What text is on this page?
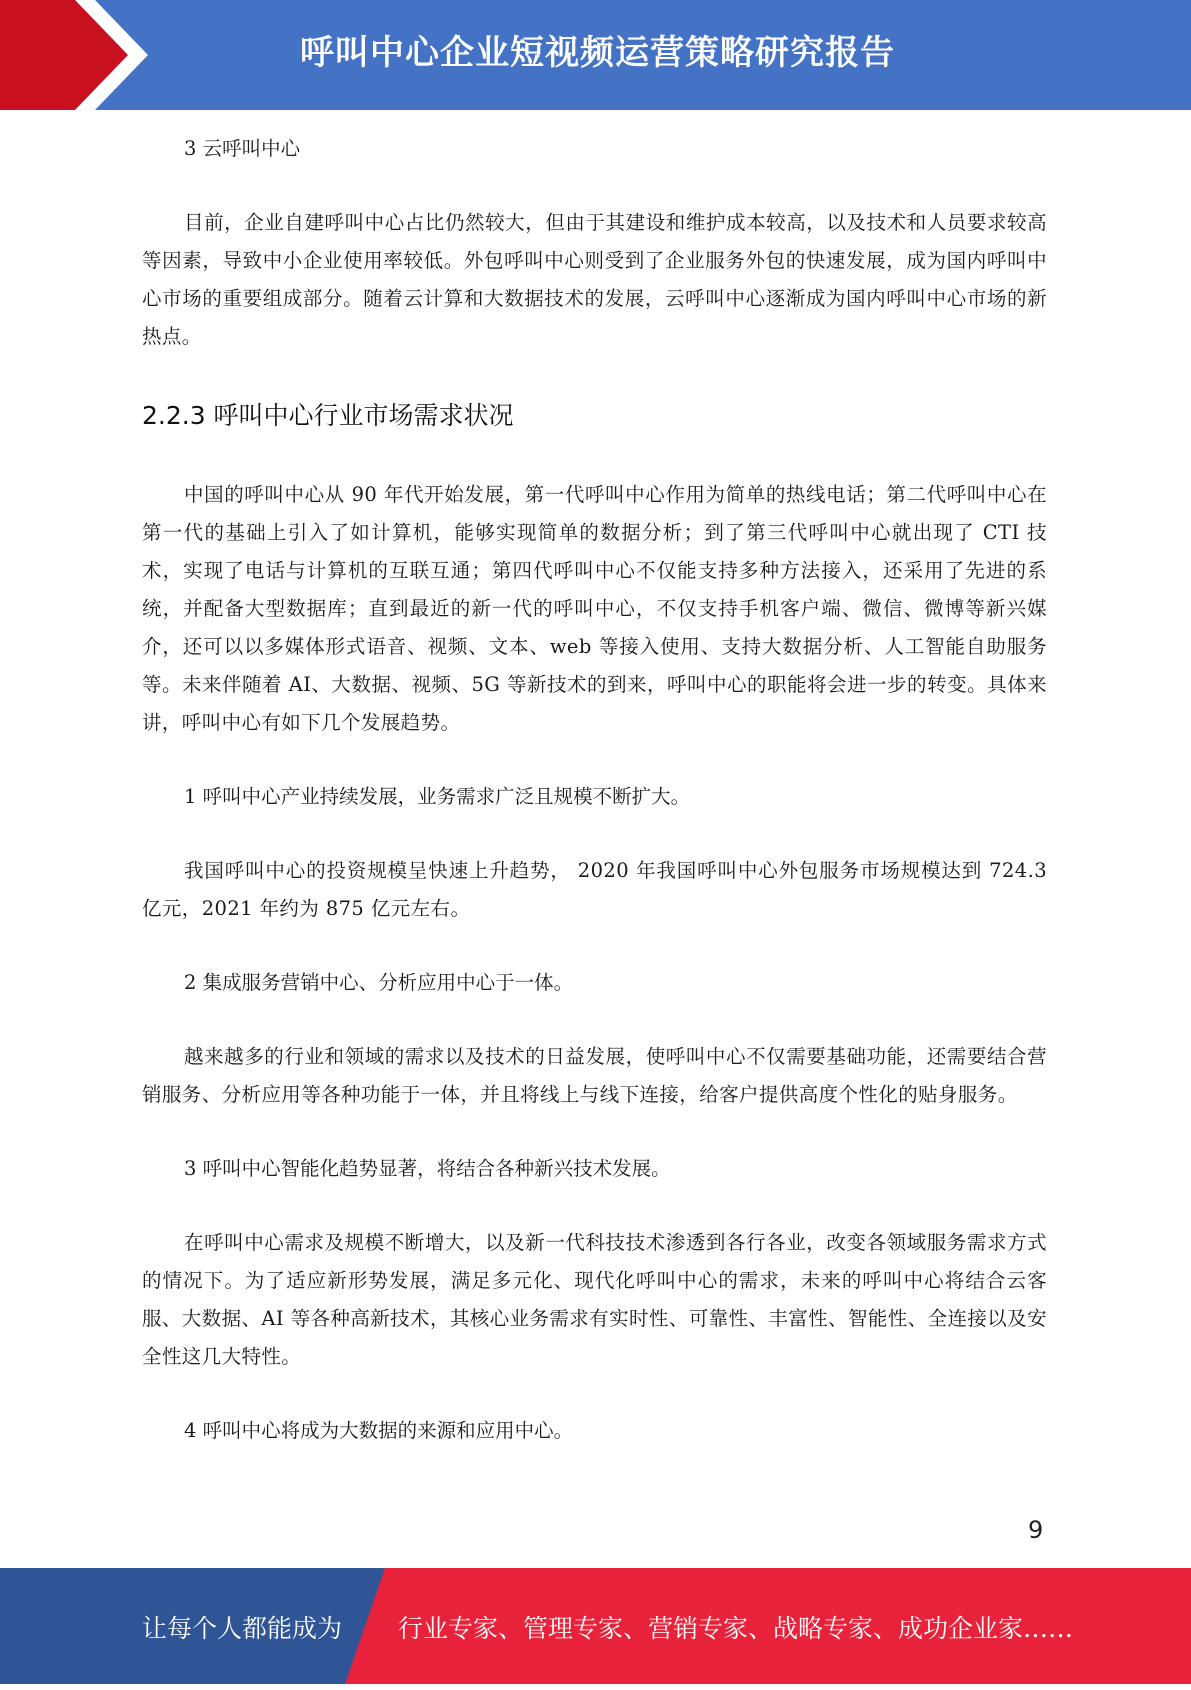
呼叫中心企业短视频运营策略研究报告

3 云呼叫中心

目前，企业自建呼叫中心占比仍然较大，但由于其建设和维护成本较高，以及技术和人员要求较高等因素，导致中小企业使用率较低。外包呼叫中心则受到了企业服务外包的快速发展，成为国内呼叫中心市场的重要组成部分。随着云计算和大数据技术的发展，云呼叫中心逐渐成为国内呼叫中心市场的新热点。

2.2.3 呼叫中心行业市场需求状况

中国的呼叫中心从 90 年代开始发展，第一代呼叫中心作用为简单的热线电话；第二代呼叫中心在第一代的基础上引入了如计算机，能够实现简单的数据分析；到了第三代呼叫中心就出现了 CTI 技术，实现了电话与计算机的互联互通；第四代呼叫中心不仅能支持多种方法接入，还采用了先进的系统，并配备大型数据库；直到最近的新一代的呼叫中心，不仅支持手机客户端、微信、微博等新兴媒介，还可以以多媒体形式语音、视频、文本、web 等接入使用、支持大数据分析、人工智能自助服务等。未来伴随着 AI、大数据、视频、5G 等新技术的到来，呼叫中心的职能将会进一步的转变。具体来讲，呼叫中心有如下几个发展趋势。

1 呼叫中心产业持续发展，业务需求广泛且规模不断扩大。

我国呼叫中心的投资规模呈快速上升趋势， 2020 年我国呼叫中心外包服务市场规模达到 724.3 亿元，2021 年约为 875 亿元左右。

2 集成服务营销中心、分析应用中心于一体。

越来越多的行业和领域的需求以及技术的日益发展，使呼叫中心不仅需要基础功能，还需要结合营销服务、分析应用等各种功能于一体，并且将线上与线下连接，给客户提供高度个性化的贴身服务。

3 呼叫中心智能化趋势显著，将结合各种新兴技术发展。

在呼叫中心需求及规模不断增大，以及新一代科技技术渗透到各行各业，改变各领域服务需求方式的情况下。为了适应新形势发展，满足多元化、现代化呼叫中心的需求，未来的呼叫中心将结合云客服、大数据、AI 等各种高新技术，其核心业务需求有实时性、可靠性、丰富性、智能性、全连接以及安全性这几大特性。

4 呼叫中心将成为大数据的来源和应用中心。

9
让每个人都能成为 行业专家、管理专家、营销专家、战略专家、成功企业家……
